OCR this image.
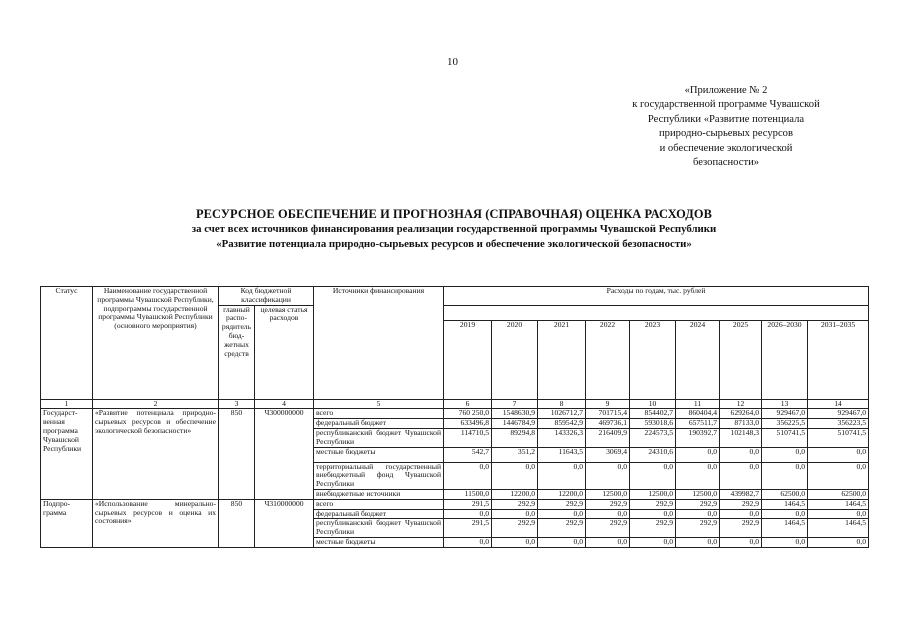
10
«Приложение № 2
к государственной программе Чувашской
Республики «Развитие потенциала
природно-сырьевых ресурсов
и обеспечение экологической
безопасности»
РЕСУРСНОЕ ОБЕСПЕЧЕНИЕ И ПРОГНОЗНАЯ (СПРАВОЧНАЯ) ОЦЕНКА РАСХОДОВ
за счет всех источников финансирования реализации государственной программы Чувашской Республики
«Развитие потенциала природно-сырьевых ресурсов и обеспечение экологической безопасности»
Статус	Наименование государственной программы Чувашской Республики, подпрограммы государственной программы Чувашской Республики (основного мероприятия)	Код бюджетной классификации		Источники финансирования	Расходы по годам, тыс. рублей								
		главный распорядитель бюджетных средств	целевая статья расходов										
					2019	2020	2021	2022	2023	2024	2025	2026–2030	2031–2035
1	2	3	4	5	6	7	8	9	10	11	12	13	14
Государственная программа Чувашской Республики	«Развитие потенциала природно-сырьевых ресурсов и обеспечение экологической безопасности»	850	Ч300000000	всего	760 250,0	1548630,9	1026712,7	701715,4	854402,7	860404,4	629264,0	929467,0	929467,0
				федеральный бюджет	633496,8	1446784,9	859542,9	469736,1	593018,6	657511,7	87133,0	356225,5	356223,5
				республиканский бюджет Чувашской Республики	114710,5	89294,8	143326,3	216409,9	224573,5	190392,7	102148,3	510741,5	510741,5
				местные бюджеты	542,7	351,2	11643,5	3069,4	24310,6	0,0	0,0	0,0	0,0
				территориальный государственный внебюджетный фонд Чувашской Республики	0,0	0,0	0,0	0,0	0,0	0,0	0,0	0,0	0,0
				внебюджетные источники	11500,0	12200,0	12200,0	12500,0	12500,0	12500,0	439982,7	62500,0	62500,0
Подпрограмма	«Использование минерально-сырьевых ресурсов и оценка их состояния»	850	Ч310000000	всего	291,5	292,9	292,9	292,9	292,9	292,9	292,9	1464,5	1464,5
				федеральный бюджет	0,0	0,0	0,0	0,0	0,0	0,0	0,0	0,0	0,0
				республиканский бюджет Чувашской Республики	291,5	292,9	292,9	292,9	292,9	292,9	292,9	1464,5	1464,5
				местные бюджеты	0,0	0,0	0,0	0,0	0,0	0,0	0,0	0,0	0,0
